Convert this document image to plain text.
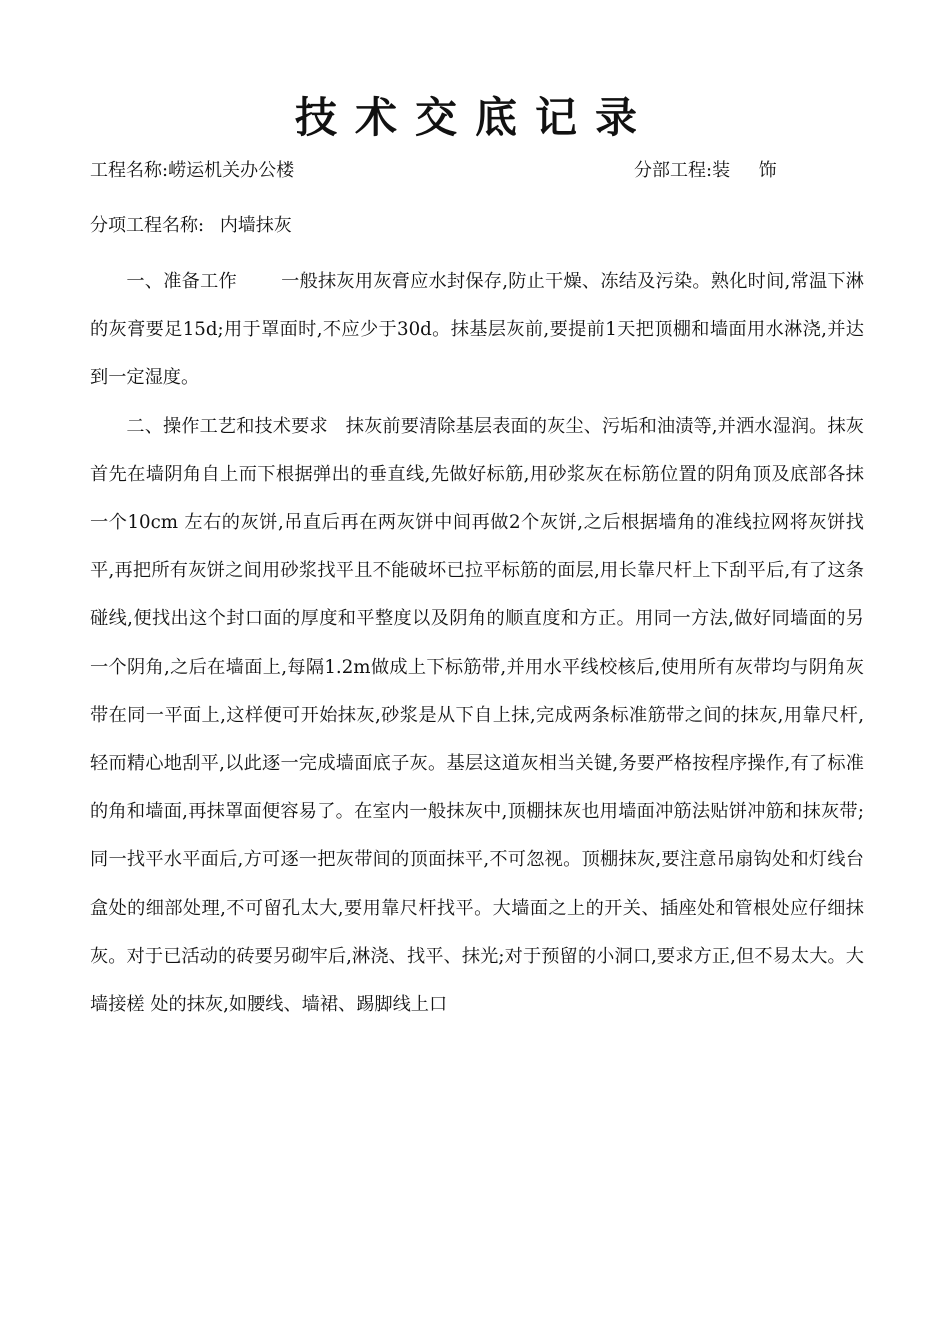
技术交底记录
工程名称:崂运机关办公楼	分部工程:装     饰
分项工程名称: 内墙抹灰

一、准备工作 一般抹灰用灰膏应水封保存,防止干燥、冻结及污染。熟化时间,常温下淋的灰膏要足15d;用于罩面时,不应少于30d。抹基层灰前,要提前1天把顶棚和墙面用水淋浇,并达到一定湿度。

二、操作工艺和技术要求 抹灰前要清除基层表面的灰尘、污垢和油渍等,并洒水湿润。抹灰首先在墙阴角自上而下根据弹出的垂直线,先做好标筋,用砂浆灰在标筋位置的阴角顶及底部各抹一个10cm 左右的灰饼,吊直后再在两灰饼中间再做2个灰饼,之后根据墙角的准线拉网将灰饼找平,再把所有灰饼之间用砂浆找平且不能破坏已拉平标筋的面层,用长靠尺杆上下刮平后,有了这条碰线,便找出这个封口面的厚度和平整度以及阴角的顺直度和方正。用同一方法,做好同墙面的另一个阴角,之后在墙面上,每隔1.2m做成上下标筋带,并用水平线校核后,使用所有灰带均与阴角灰带在同一平面上,这样便可开始抹灰,砂浆是从下自上抹,完成两条标准筋带之间的抹灰,用靠尺杆,轻而精心地刮平,以此逐一完成墙面底子灰。基层这道灰相当关键,务要严格按程序操作,有了标准的角和墙面,再抹罩面便容易了。在室内一般抹灰中,顶棚抹灰也用墙面冲筋法贴饼冲筋和抹灰带;同一找平水平面后,方可逐一把灰带间的顶面抹平,不可忽视。顶棚抹灰,要注意吊扇钩处和灯线台盒处的细部处理,不可留孔太大,要用靠尺杆找平。大墙面之上的开关、插座处和管根处应仔细抹灰。对于已活动的砖要另砌牢后,淋浇、找平、抹光;对于预留的小洞口,要求方正,但不易太大。大墙接槎 处的抹灰,如腰线、墙裙、踢脚线上口
